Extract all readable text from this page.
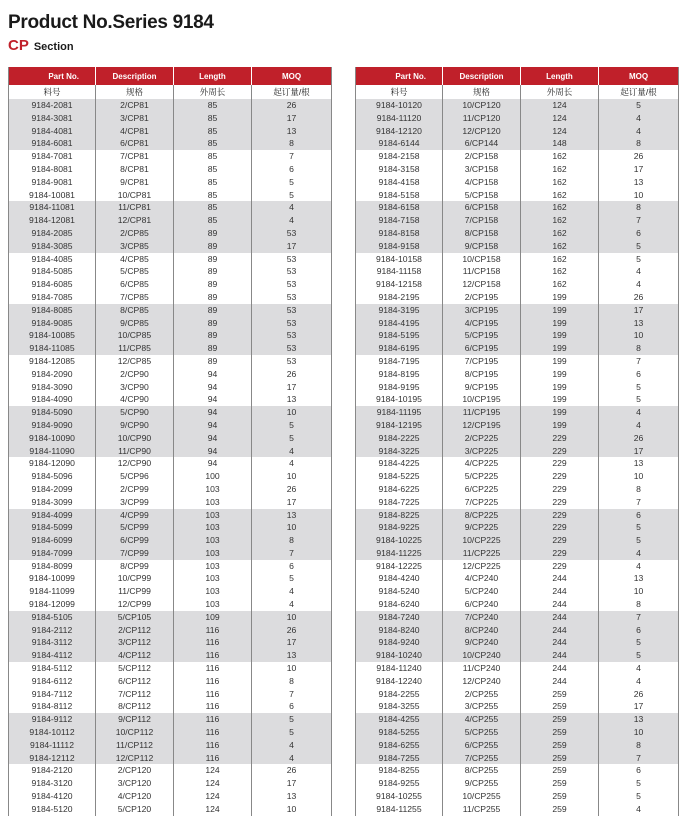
Product No.Series 9184
CP Section
Part No.	Description	Length	MOQ
料号	规格	外周长	起订量/根
9184-2081	2/CP81	85	26
9184-3081	3/CP81	85	17
9184-4081	4/CP81	85	13
9184-6081	6/CP81	85	8
9184-7081	7/CP81	85	7
9184-8081	8/CP81	85	6
9184-9081	9/CP81	85	5
9184-10081	10/CP81	85	5
9184-11081	11/CP81	85	4
9184-12081	12/CP81	85	4
9184-2085	2/CP85	89	53
9184-3085	3/CP85	89	17
9184-4085	4/CP85	89	53
9184-5085	5/CP85	89	53
9184-6085	6/CP85	89	53
9184-7085	7/CP85	89	53
9184-8085	8/CP85	89	53
9184-9085	9/CP85	89	53
9184-10085	10/CP85	89	53
9184-11085	11/CP85	89	53
9184-12085	12/CP85	89	53
9184-2090	2/CP90	94	26
9184-3090	3/CP90	94	17
9184-4090	4/CP90	94	13
9184-5090	5/CP90	94	10
9184-9090	9/CP90	94	5
9184-10090	10/CP90	94	5
9184-11090	11/CP90	94	4
9184-12090	12/CP90	94	4
9184-5096	5/CP96	100	10
9184-2099	2/CP99	103	26
9184-3099	3/CP99	103	17
9184-4099	4/CP99	103	13
9184-5099	5/CP99	103	10
9184-6099	6/CP99	103	8
9184-7099	7/CP99	103	7
9184-8099	8/CP99	103	6
9184-10099	10/CP99	103	5
9184-11099	11/CP99	103	4
9184-12099	12/CP99	103	4
9184-5105	5/CP105	109	10
9184-2112	2/CP112	116	26
9184-3112	3/CP112	116	17
9184-4112	4/CP112	116	13
9184-5112	5/CP112	116	10
9184-6112	6/CP112	116	8
9184-7112	7/CP112	116	7
9184-8112	8/CP112	116	6
9184-9112	9/CP112	116	5
9184-10112	10/CP112	116	5
9184-11112	11/CP112	116	4
9184-12112	12/CP112	116	4
9184-2120	2/CP120	124	26
9184-3120	3/CP120	124	17
9184-4120	4/CP120	124	13
9184-5120	5/CP120	124	10
Part No.	Description	Length	MOQ
料号	规格	外周长	起订量/根
9184-10120	10/CP120	124	5
9184-11120	11/CP120	124	4
9184-12120	12/CP120	124	4
9184-6144	6/CP144	148	8
9184-2158	2/CP158	162	26
9184-3158	3/CP158	162	17
9184-4158	4/CP158	162	13
9184-5158	5/CP158	162	10
9184-6158	6/CP158	162	8
9184-7158	7/CP158	162	7
9184-8158	8/CP158	162	6
9184-9158	9/CP158	162	5
9184-10158	10/CP158	162	5
9184-11158	11/CP158	162	4
9184-12158	12/CP158	162	4
9184-2195	2/CP195	199	26
9184-3195	3/CP195	199	17
9184-4195	4/CP195	199	13
9184-5195	5/CP195	199	10
9184-6195	6/CP195	199	8
9184-7195	7/CP195	199	7
9184-8195	8/CP195	199	6
9184-9195	9/CP195	199	5
9184-10195	10/CP195	199	5
9184-11195	11/CP195	199	4
9184-12195	12/CP195	199	4
9184-2225	2/CP225	229	26
9184-3225	3/CP225	229	17
9184-4225	4/CP225	229	13
9184-5225	5/CP225	229	10
9184-6225	6/CP225	229	8
9184-7225	7/CP225	229	7
9184-8225	8/CP225	229	6
9184-9225	9/CP225	229	5
9184-10225	10/CP225	229	5
9184-11225	11/CP225	229	4
9184-12225	12/CP225	229	4
9184-4240	4/CP240	244	13
9184-5240	5/CP240	244	10
9184-6240	6/CP240	244	8
9184-7240	7/CP240	244	7
9184-8240	8/CP240	244	6
9184-9240	9/CP240	244	5
9184-10240	10/CP240	244	5
9184-11240	11/CP240	244	4
9184-12240	12/CP240	244	4
9184-2255	2/CP255	259	26
9184-3255	3/CP255	259	17
9184-4255	4/CP255	259	13
9184-5255	5/CP255	259	10
9184-6255	6/CP255	259	8
9184-7255	7/CP255	259	7
9184-8255	8/CP255	259	6
9184-9255	9/CP255	259	5
9184-10255	10/CP255	259	5
9184-11255	11/CP255	259	4
